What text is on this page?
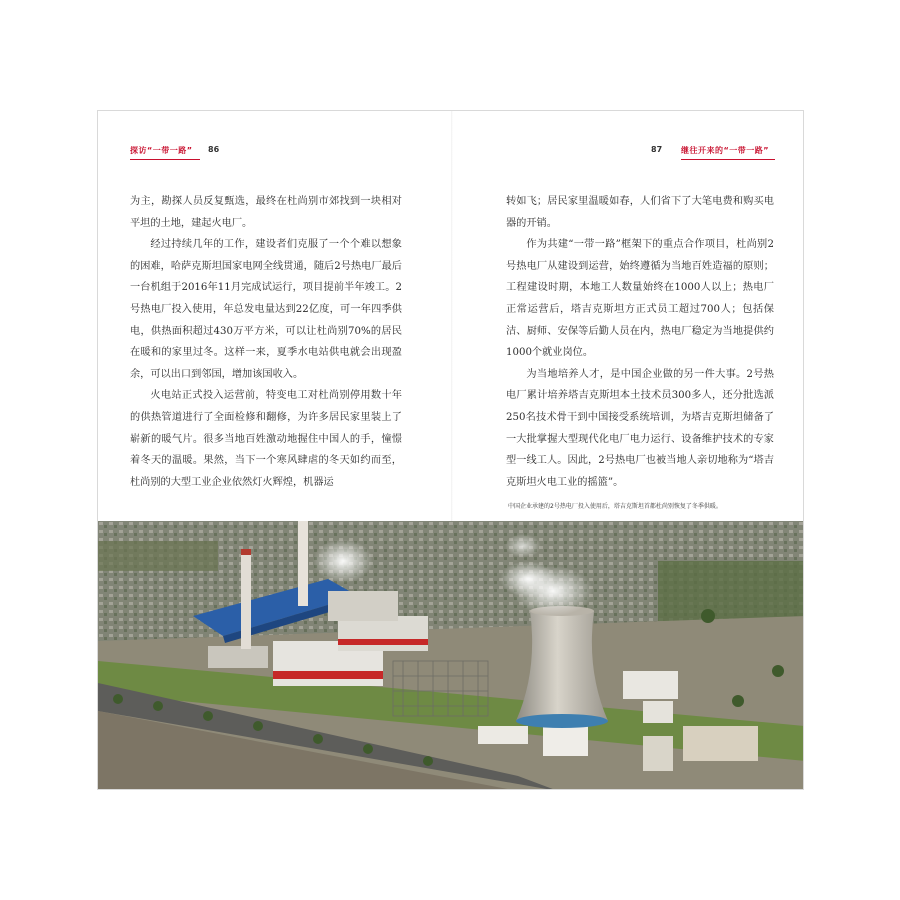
探访“一带一路” 86

为主，勘探人员反复甄选，最终在杜尚别市郊找到一块相对平坦的土地，建起火电厂。

经过持续几年的工作，建设者们克服了一个个难以想象的困难，哈萨克斯坦国家电网全线贯通，随后2号热电厂最后一台机组于2016年11月完成试运行，项目提前半年竣工。2号热电厂投入使用，年总发电量达到22亿度，可一年四季供电，供热面积超过430万平方米，可以让杜尚别70%的居民在暖和的家里过冬。这样一来，夏季水电站供电就会出现盈余，可以出口到邻国，增加该国收入。

火电站正式投入运营前，特变电工对杜尚别停用数十年的供热管道进行了全面检修和翻修，为许多居民家里装上了崭新的暖气片。很多当地百姓激动地握住中国人的手，憧憬着冬天的温暖。果然，当下一个寒风肆虐的冬天如约而至，杜尚别的大型工业企业依然灯火辉煌，机器运

87 继往开来的“一带一路”

转如飞；居民家里温暖如春，人们省下了大笔电费和购买电器的开销。

作为共建“一带一路”框架下的重点合作项目，杜尚别2号热电厂从建设到运营，始终遵循为当地百姓造福的原则；工程建设时期，本地工人数量始终在1000人以上；热电厂正常运营后，塔吉克斯坦方正式员工超过700人；包括保洁、厨师、安保等后勤人员在内，热电厂稳定为当地提供约1000个就业岗位。

为当地培养人才，是中国企业做的另一件大事。2号热电厂累计培养塔吉克斯坦本土技术员300多人，还分批选派250名技术骨干到中国接受系统培训，为塔吉克斯坦储备了一大批掌握大型现代化电厂电力运行、设备维护技术的专家型一线工人。因此，2号热电厂也被当地人亲切地称为“塔吉克斯坦火电工业的摇篮”。

中国企业承建的2号热电厂投入使用后，塔吉克斯坦首都杜尚别恢复了冬季供暖。
